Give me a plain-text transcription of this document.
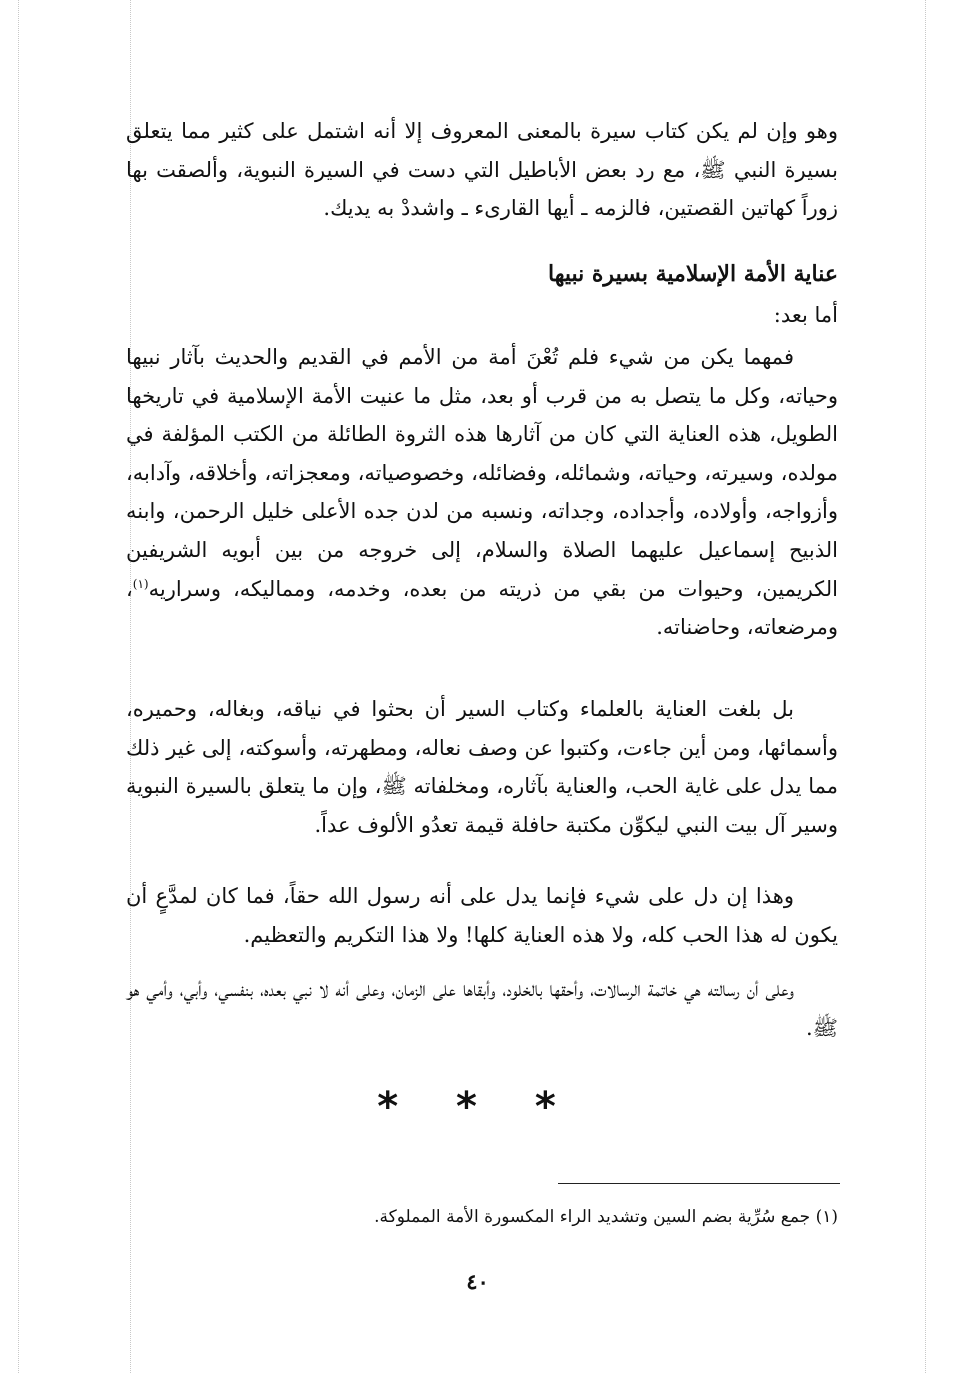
وهو وإن لم يكن كتاب سيرة بالمعنى المعروف إلا أنه اشتمل على كثير مما يتعلق بسيرة النبي ﷺ، مع رد بعض الأباطيل التي دست في السيرة النبوية، وألصقت بها زوراً كهاتين القصتين، فالزمه ـ أيها القارىء ـ واشددْ به يديك.

عناية الأمة الإسلامية بسيرة نبيها
أما بعد:

فمهما يكن من شيء فلم تُعْنَ أمة من الأمم في القديم والحديث بآثار نبيها وحياته، وكل ما يتصل به من قرب أو بعد، مثل ما عنيت الأمة الإسلامية في تاريخها الطويل، هذه العناية التي كان من آثارها هذه الثروة الطائلة من الكتب المؤلفة في مولده، وسيرته، وحياته، وشمائله، وفضائله، وخصوصياته، ومعجزاته، وأخلاقه، وآدابه، وأزواجه، وأولاده، وأجداده، وجداته، ونسبه من لدن جده الأعلى خليل الرحمن، وابنه الذبيح إسماعيل عليهما الصلاة والسلام، إلى خروجه من بين أبويه الشريفين الكريمين، وحيوات من بقي من ذريته من بعده، وخدمه، ومماليكه، وسراريه$^{(١)}$، ومرضعاته، وحاضناته.

بل بلغت العناية بالعلماء وكتاب السير أن بحثوا في نياقه، وبغاله، وحميره، وأسمائها، ومن أين جاءت، وكتبوا عن وصف نعاله، ومطهرته، وأسوكته، إلى غير ذلك مما يدل على غاية الحب، والعناية بآثاره، ومخلفاته ﷺ، وإن ما يتعلق بالسيرة النبوية وسير آل بيت النبي ليكوِّن مكتبة حافلة قيمة تعدُو الألوف عداً.

وهذا إن دل على شيء فإنما يدل على أنه رسول الله حقاً، فما كان لمدَّعٍ أن يكون له هذا الحب كله، ولا هذه العناية كلها! ولا هذا التكريم والتعظيم.

وعلى أن رسالته هي خاتمة الرسالات، وأحقها بالخلود، وأبقاها على الزمان، وعلى أنه لا نبي بعده، بنفسي، وأبي، وأمي هو ﷺ.

* * *
(١) جمع سُرِّية بضم السين وتشديد الراء المكسورة الأمة المملوكة.
٤٠
